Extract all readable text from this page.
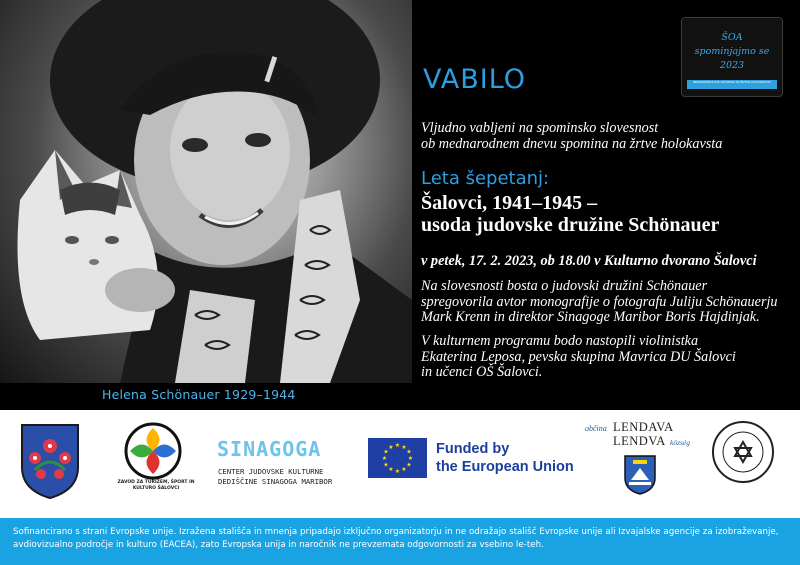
ŠOA
spominjajmo se
2023
MEDNARODNI DAN SPOMINA NA ŽRTVE HOLOKAVSTA
VABILO
Vljudno vabljeni na spominsko slovesnost
ob mednarodnem dnevu spomina na žrtve holokavsta
Leta šepetanj:
Šalovci, 1941–1945 –
usoda judovske družine Schönauer
v petek, 17. 2. 2023, ob 18.00 v Kulturno dvorano Šalovci
Na slovesnosti bosta o judovski družini Schönauer
spregovorila avtor monografije o fotografu Juliju Schönauerju
Mark Krenn in direktor Sinagoge Maribor Boris Hajdinjak.
V kulturnem programu bodo nastopili violinistka
Ekaterina Leposa, pevska skupina Mavrica DU Šalovci
in učenci OŠ Šalovci.
Helena Schönauer 1929–1944
ZAVOD ZA TURIZEM, ŠPORT IN KULTURO ŠALOVCI
SINAGOGA
CENTER JUDOVSKE KULTURNE
DEDIŠČINE SINAGOGA MARIBOR
★ ★
★
★
★
★
★
★
★
★
★
★	Funded by
the European Union
občina LENDAVA
LENDVA község

Sofinancirano s strani Evropske unije. Izražena stališča in mnenja pripadajo izključno organizatorju in ne odražajo stališč Evropske unije ali Izvajalske agencije za izobraževanje, avdiovizualno področje in kulturo (EACEA), zato Evropska unija in naročnik ne prevzemata odgovornosti za vsebino le-teh.
